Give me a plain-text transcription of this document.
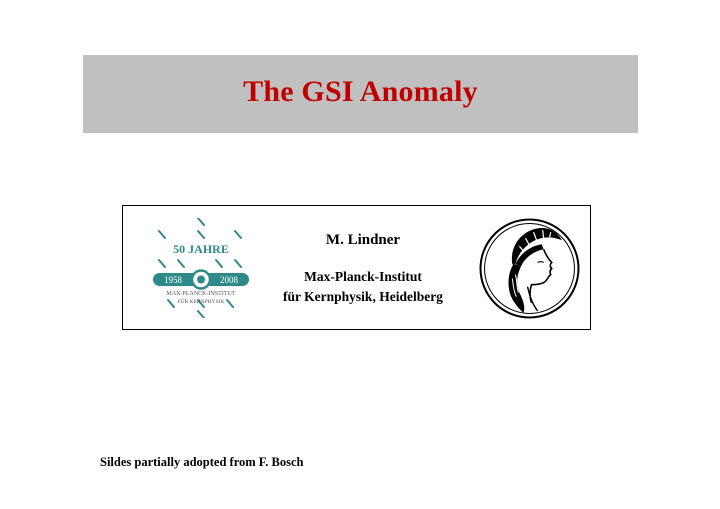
The GSI Anomaly
50 JAHRE
1958	2008
MAX-PLANCK-INSTITUT
FÜR KERNPHYSIK
M. Lindner
Max-Planck-Institut
für Kernphysik, Heidelberg
Sildes partially adopted from F. Bosch
